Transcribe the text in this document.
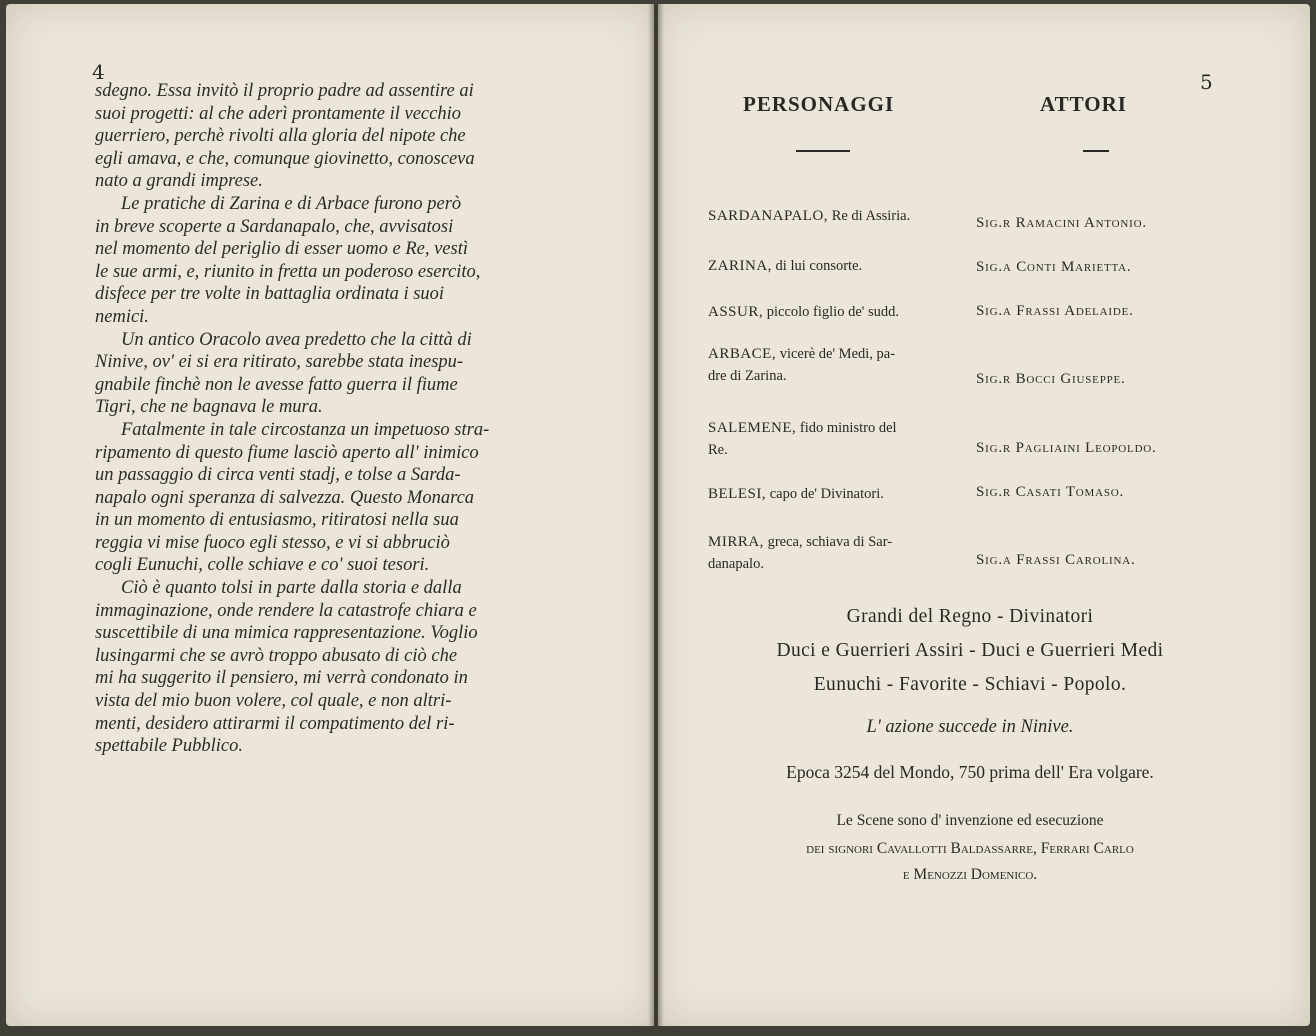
4	5
sdegno. Essa invitò il proprio padre ad assentire ai
suoi progetti: al che aderì prontamente il vecchio
guerriero, perchè rivolti alla gloria del nipote che
egli amava, e che, comunque giovinetto, conosceva
nato a grandi imprese.
Le pratiche di Zarina e di Arbace furono però
in breve scoperte a Sardanapalo, che, avvisatosi
nel momento del periglio di esser uomo e Re, vestì
le sue armi, e, riunito in fretta un poderoso esercito,
disfece per tre volte in battaglia ordinata i suoi
nemici.
Un antico Oracolo avea predetto che la città di
Ninive, ov' ei si era ritirato, sarebbe stata inespu-
gnabile finchè non le avesse fatto guerra il fiume
Tigri, che ne bagnava le mura.
Fatalmente in tale circostanza un impetuoso stra-
ripamento di questo fiume lasciò aperto all' inimico
un passaggio di circa venti stadj, e tolse a Sarda-
napalo ogni speranza di salvezza. Questo Monarca
in un momento di entusiasmo, ritiratosi nella sua
reggia vi mise fuoco egli stesso, e vi si abbruciò
cogli Eunuchi, colle schiave e co' suoi tesori.
Ciò è quanto tolsi in parte dalla storia e dalla
immaginazione, onde rendere la catastrofe chiara e
suscettibile di una mimica rappresentazione. Voglio
lusingarmi che se avrò troppo abusato di ciò che
mi ha suggerito il pensiero, mi verrà condonato in
vista del mio buon volere, col quale, e non altri-
menti, desidero attirarmi il compatimento del ri-
spettabile Pubblico.
PERSONAGGI	ATTORI
SARDANAPALO, Re di Assiria.	Sig.r Ramacini Antonio.
ZARINA, di lui consorte.	Sig.a Conti Marietta.
ASSUR, piccolo figlio de' sudd.	Sig.a Frassi Adelaide.
ARBACE, vicerè de' Medi, pa-
dre di Zarina.	Sig.r Bocci Giuseppe.
SALEMENE, fido ministro del
Re.	Sig.r Pagliaini Leopoldo.
BELESI, capo de' Divinatori.	Sig.r Casati Tomaso.
MIRRA, greca, schiava di Sar-
danapalo.	Sig.a Frassi Carolina.
Grandi del Regno - Divinatori
Duci e Guerrieri Assiri - Duci e Guerrieri Medi
Eunuchi - Favorite - Schiavi - Popolo.
L' azione succede in Ninive.
Epoca 3254 del Mondo, 750 prima dell' Era volgare.
Le Scene sono d' invenzione ed esecuzione
dei signori Cavallotti Baldassarre, Ferrari Carlo
e Menozzi Domenico.
